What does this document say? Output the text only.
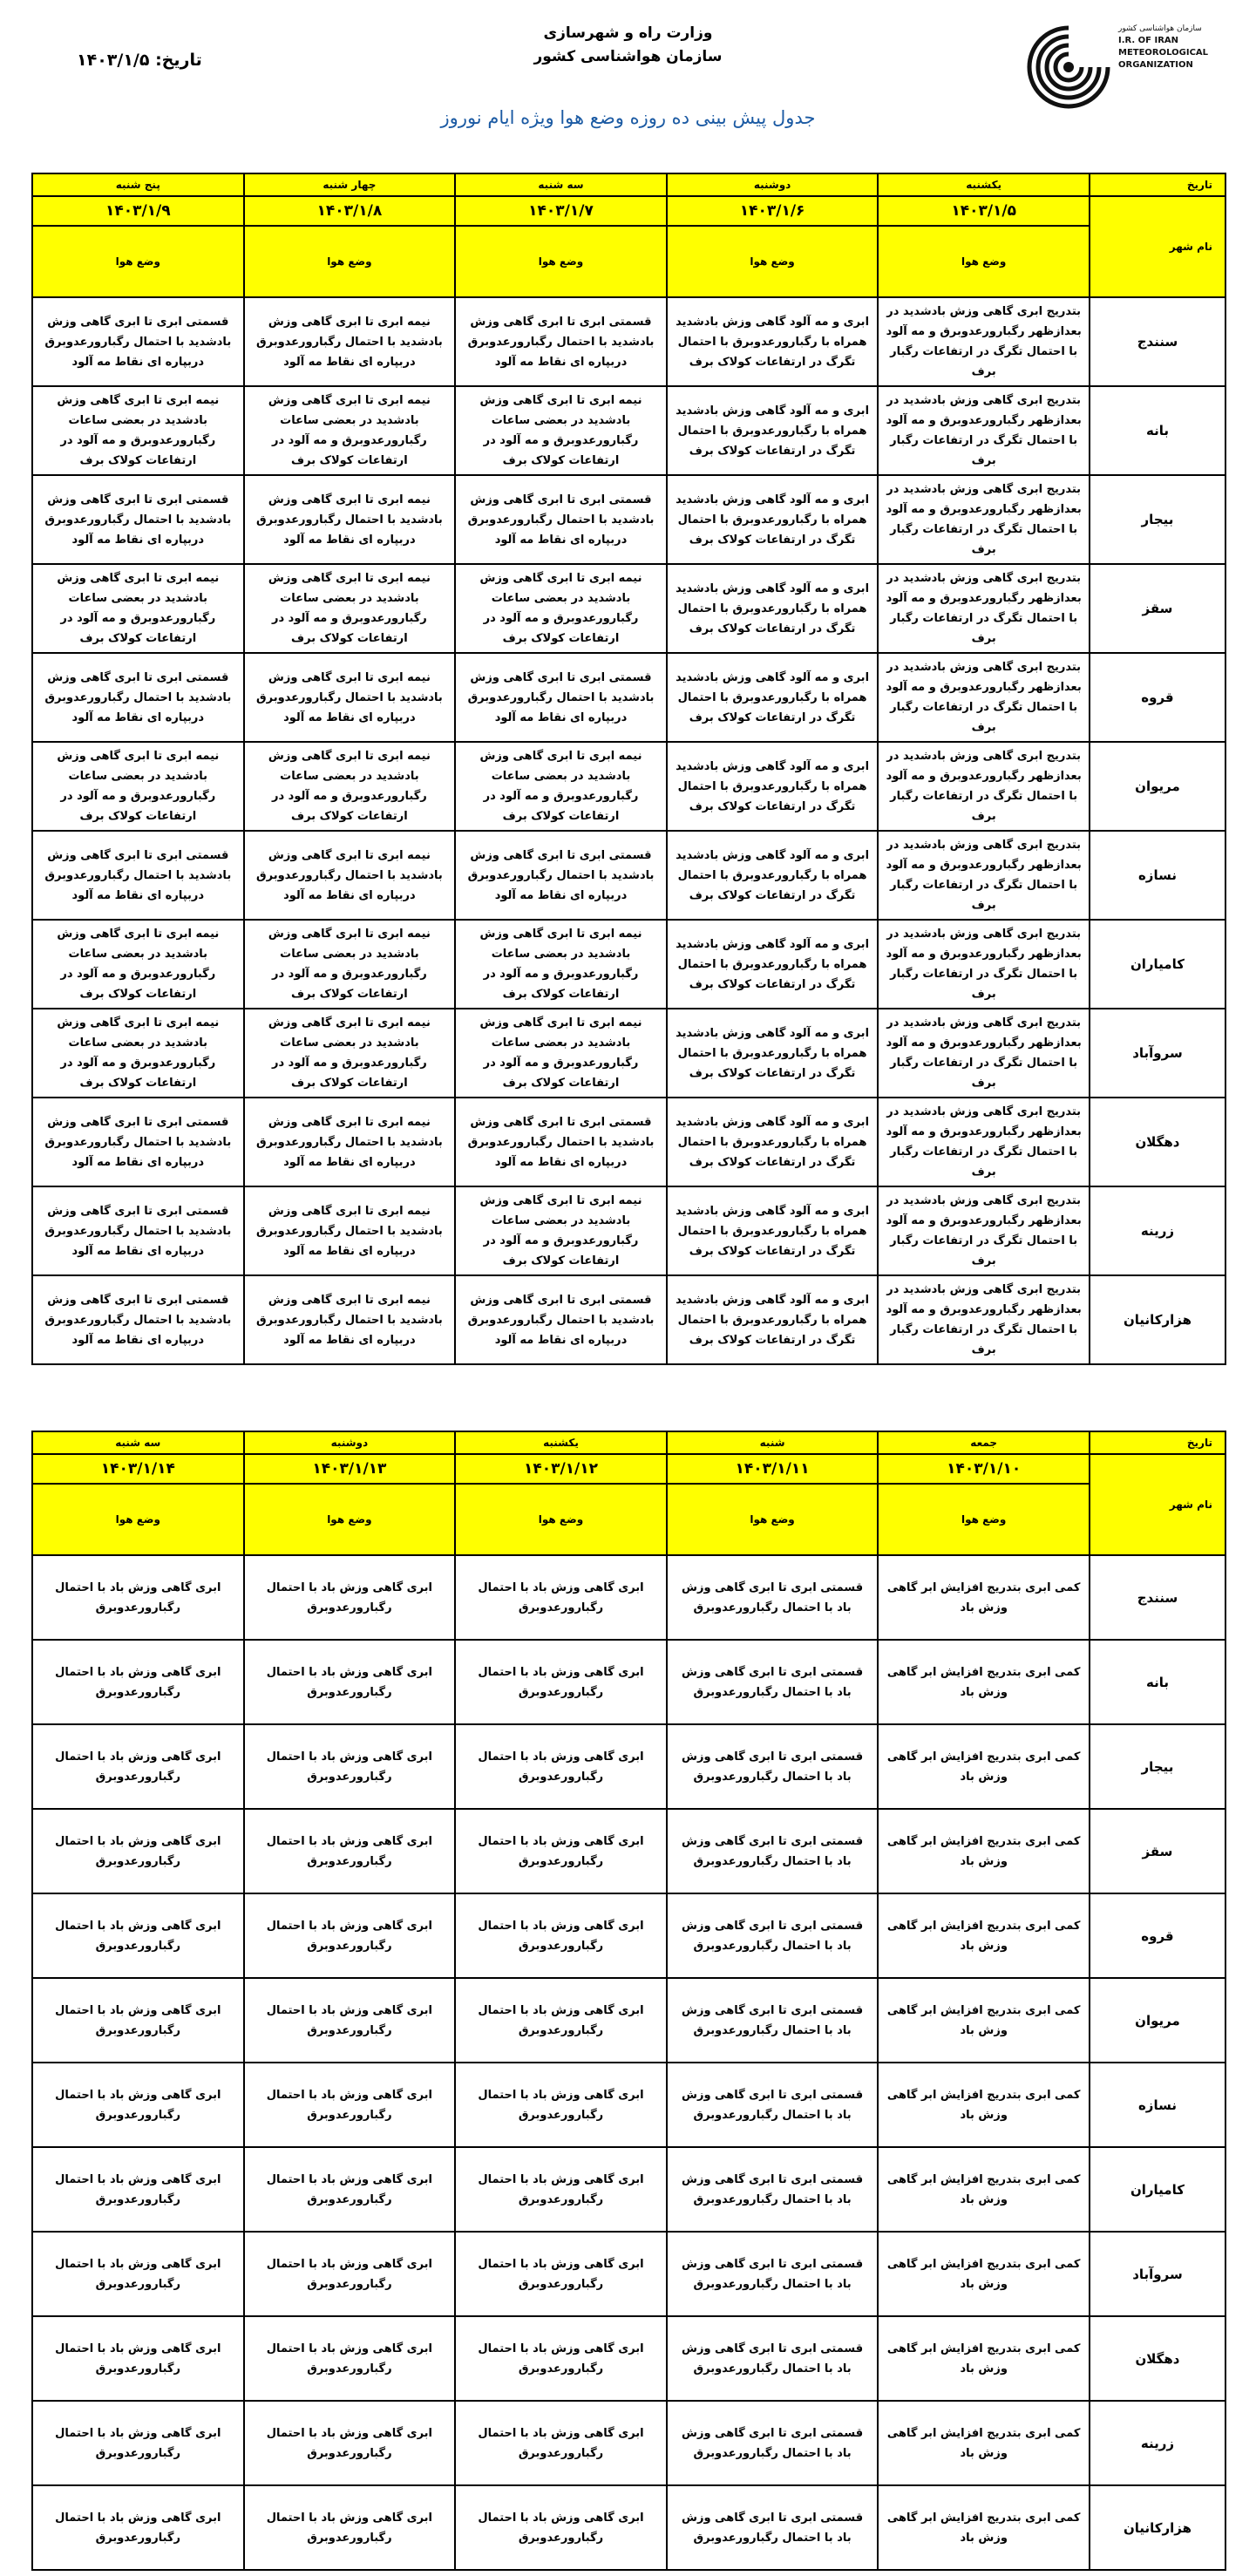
وزارت راه و شهرسازی
سازمان هواشناسی کشور
تاریخ: ۱۴۰۳/۱/۵
جدول پیش بینی ده روزه وضع هوا ویژه ایام نوروز
سازمان هواشناسی کشور
I.R. OF IRAN METEOROLOGICAL ORGANIZATION
تاریخ	یکشنبه	دوشنبه	سه شنبه	چهار شنبه	پنج شنبه
نام شهر	۱۴۰۳/۱/۵	۱۴۰۳/۱/۶	۱۴۰۳/۱/۷	۱۴۰۳/۱/۸	۱۴۰۳/۱/۹
	وضع هوا	وضع هوا	وضع هوا	وضع هوا	وضع هوا
سنندج	بتدریج ابری گاهی وزش بادشدید در بعدازظهر رگبارورعدوبرق و مه آلود با احتمال تگرگ در ارتفاعات رگبار برف	ابری و مه آلود گاهی وزش بادشدید همراه با رگبارورعدوبرق با احتمال تگرگ در ارتفاعات کولاک برف	قسمتی ابری تا ابری گاهی وزش بادشدید با احتمال رگبارورعدوبرق دربپاره ای نقاط مه آلود	نیمه ابری تا ابری گاهی وزش بادشدید با احتمال رگبارورعدوبرق دربپاره ای نقاط مه آلود	قسمتی ابری تا ابری گاهی وزش بادشدید با احتمال رگبارورعدوبرق دربپاره ای نقاط مه آلود
بانه	بتدریج ابری گاهی وزش بادشدید در بعدازظهر رگبارورعدوبرق و مه آلود با احتمال تگرگ در ارتفاعات رگبار برف	ابری و مه آلود گاهی وزش بادشدید همراه با رگبارورعدوبرق با احتمال تگرگ در ارتفاعات کولاک برف	نیمه ابری تا ابری گاهی وزش بادشدید در بعضی ساعات رگبارورعدوبرق و مه آلود در ارتفاعات کولاک برف	نیمه ابری تا ابری گاهی وزش بادشدید در بعضی ساعات رگبارورعدوبرق و مه آلود در ارتفاعات کولاک برف	نیمه ابری تا ابری گاهی وزش بادشدید در بعضی ساعات رگبارورعدوبرق و مه آلود در ارتفاعات کولاک برف
بیجار	بتدریج ابری گاهی وزش بادشدید در بعدازظهر رگبارورعدوبرق و مه آلود با احتمال تگرگ در ارتفاعات رگبار برف	ابری و مه آلود گاهی وزش بادشدید همراه با رگبارورعدوبرق با احتمال تگرگ در ارتفاعات کولاک برف	قسمتی ابری تا ابری گاهی وزش بادشدید با احتمال رگبارورعدوبرق دربپاره ای نقاط مه آلود	نیمه ابری تا ابری گاهی وزش بادشدید با احتمال رگبارورعدوبرق دربپاره ای نقاط مه آلود	قسمتی ابری تا ابری گاهی وزش بادشدید با احتمال رگبارورعدوبرق دربپاره ای نقاط مه آلود
سقز	بتدریج ابری گاهی وزش بادشدید در بعدازظهر رگبارورعدوبرق و مه آلود با احتمال تگرگ در ارتفاعات رگبار برف	ابری و مه آلود گاهی وزش بادشدید همراه با رگبارورعدوبرق با احتمال تگرگ در ارتفاعات کولاک برف	نیمه ابری تا ابری گاهی وزش بادشدید در بعضی ساعات رگبارورعدوبرق و مه آلود در ارتفاعات کولاک برف	نیمه ابری تا ابری گاهی وزش بادشدید در بعضی ساعات رگبارورعدوبرق و مه آلود در ارتفاعات کولاک برف	نیمه ابری تا ابری گاهی وزش بادشدید در بعضی ساعات رگبارورعدوبرق و مه آلود در ارتفاعات کولاک برف
قروه	بتدریج ابری گاهی وزش بادشدید در بعدازظهر رگبارورعدوبرق و مه آلود با احتمال تگرگ در ارتفاعات رگبار برف	ابری و مه آلود گاهی وزش بادشدید همراه با رگبارورعدوبرق با احتمال تگرگ در ارتفاعات کولاک برف	قسمتی ابری تا ابری گاهی وزش بادشدید با احتمال رگبارورعدوبرق دربپاره ای نقاط مه آلود	نیمه ابری تا ابری گاهی وزش بادشدید با احتمال رگبارورعدوبرق دربپاره ای نقاط مه آلود	قسمتی ابری تا ابری گاهی وزش بادشدید با احتمال رگبارورعدوبرق دربپاره ای نقاط مه آلود
مریوان	بتدریج ابری گاهی وزش بادشدید در بعدازظهر رگبارورعدوبرق و مه آلود با احتمال تگرگ در ارتفاعات رگبار برف	ابری و مه آلود گاهی وزش بادشدید همراه با رگبارورعدوبرق با احتمال تگرگ در ارتفاعات کولاک برف	نیمه ابری تا ابری گاهی وزش بادشدید در بعضی ساعات رگبارورعدوبرق و مه آلود در ارتفاعات کولاک برف	نیمه ابری تا ابری گاهی وزش بادشدید در بعضی ساعات رگبارورعدوبرق و مه آلود در ارتفاعات کولاک برف	نیمه ابری تا ابری گاهی وزش بادشدید در بعضی ساعات رگبارورعدوبرق و مه آلود در ارتفاعات کولاک برف
نسازه	بتدریج ابری گاهی وزش بادشدید در بعدازظهر رگبارورعدوبرق و مه آلود با احتمال تگرگ در ارتفاعات رگبار برف	ابری و مه آلود گاهی وزش بادشدید همراه با رگبارورعدوبرق با احتمال تگرگ در ارتفاعات کولاک برف	قسمتی ابری تا ابری گاهی وزش بادشدید با احتمال رگبارورعدوبرق دربپاره ای نقاط مه آلود	نیمه ابری تا ابری گاهی وزش بادشدید با احتمال رگبارورعدوبرق دربپاره ای نقاط مه آلود	قسمتی ابری تا ابری گاهی وزش بادشدید با احتمال رگبارورعدوبرق دربپاره ای نقاط مه آلود
کامیاران	بتدریج ابری گاهی وزش بادشدید در بعدازظهر رگبارورعدوبرق و مه آلود با احتمال تگرگ در ارتفاعات رگبار برف	ابری و مه آلود گاهی وزش بادشدید همراه با رگبارورعدوبرق با احتمال تگرگ در ارتفاعات کولاک برف	نیمه ابری تا ابری گاهی وزش بادشدید در بعضی ساعات رگبارورعدوبرق و مه آلود در ارتفاعات کولاک برف	نیمه ابری تا ابری گاهی وزش بادشدید در بعضی ساعات رگبارورعدوبرق و مه آلود در ارتفاعات کولاک برف	نیمه ابری تا ابری گاهی وزش بادشدید در بعضی ساعات رگبارورعدوبرق و مه آلود در ارتفاعات کولاک برف
سروآباد	بتدریج ابری گاهی وزش بادشدید در بعدازظهر رگبارورعدوبرق و مه آلود با احتمال تگرگ در ارتفاعات رگبار برف	ابری و مه آلود گاهی وزش بادشدید همراه با رگبارورعدوبرق با احتمال تگرگ در ارتفاعات کولاک برف	نیمه ابری تا ابری گاهی وزش بادشدید در بعضی ساعات رگبارورعدوبرق و مه آلود در ارتفاعات کولاک برف	نیمه ابری تا ابری گاهی وزش بادشدید در بعضی ساعات رگبارورعدوبرق و مه آلود در ارتفاعات کولاک برف	نیمه ابری تا ابری گاهی وزش بادشدید در بعضی ساعات رگبارورعدوبرق و مه آلود در ارتفاعات کولاک برف
دهگلان	بتدریج ابری گاهی وزش بادشدید در بعدازظهر رگبارورعدوبرق و مه آلود با احتمال تگرگ در ارتفاعات رگبار برف	ابری و مه آلود گاهی وزش بادشدید همراه با رگبارورعدوبرق با احتمال تگرگ در ارتفاعات کولاک برف	قسمتی ابری تا ابری گاهی وزش بادشدید با احتمال رگبارورعدوبرق دربپاره ای نقاط مه آلود	نیمه ابری تا ابری گاهی وزش بادشدید با احتمال رگبارورعدوبرق دربپاره ای نقاط مه آلود	قسمتی ابری تا ابری گاهی وزش بادشدید با احتمال رگبارورعدوبرق دربپاره ای نقاط مه آلود
زرینه	بتدریج ابری گاهی وزش بادشدید در بعدازظهر رگبارورعدوبرق و مه آلود با احتمال تگرگ در ارتفاعات رگبار برف	ابری و مه آلود گاهی وزش بادشدید همراه با رگبارورعدوبرق با احتمال تگرگ در ارتفاعات کولاک برف	نیمه ابری تا ابری گاهی وزش بادشدید در بعضی ساعات رگبارورعدوبرق و مه آلود در ارتفاعات کولاک برف	نیمه ابری تا ابری گاهی وزش بادشدید با احتمال رگبارورعدوبرق دربپاره ای نقاط مه آلود	قسمتی ابری تا ابری گاهی وزش بادشدید با احتمال رگبارورعدوبرق دربپاره ای نقاط مه آلود
هزارکانیان	بتدریج ابری گاهی وزش بادشدید در بعدازظهر رگبارورعدوبرق و مه آلود با احتمال تگرگ در ارتفاعات رگبار برف	ابری و مه آلود گاهی وزش بادشدید همراه با رگبارورعدوبرق با احتمال تگرگ در ارتفاعات کولاک برف	قسمتی ابری تا ابری گاهی وزش بادشدید با احتمال رگبارورعدوبرق دربپاره ای نقاط مه آلود	نیمه ابری تا ابری گاهی وزش بادشدید با احتمال رگبارورعدوبرق دربپاره ای نقاط مه آلود	قسمتی ابری تا ابری گاهی وزش بادشدید با احتمال رگبارورعدوبرق دربپاره ای نقاط مه آلود
تاریخ	جمعه	شنبه	یکشنبه	دوشنبه	سه شنبه
نام شهر	۱۴۰۳/۱/۱۰	۱۴۰۳/۱/۱۱	۱۴۰۳/۱/۱۲	۱۴۰۳/۱/۱۳	۱۴۰۳/۱/۱۴
	وضع هوا	وضع هوا	وضع هوا	وضع هوا	وضع هوا
سنندج	کمی ابری بتدریج افزایش ابر گاهی وزش باد	قسمتی ابری تا ابری گاهی وزش باد با احتمال رگبارورعدوبرق	ابری گاهی وزش باد با احتمال رگبارورعدوبرق	ابری گاهی وزش باد با احتمال رگبارورعدوبرق	ابری گاهی وزش باد با احتمال رگبارورعدوبرق
بانه	کمی ابری بتدریج افزایش ابر گاهی وزش باد	قسمتی ابری تا ابری گاهی وزش باد با احتمال رگبارورعدوبرق	ابری گاهی وزش باد با احتمال رگبارورعدوبرق	ابری گاهی وزش باد با احتمال رگبارورعدوبرق	ابری گاهی وزش باد با احتمال رگبارورعدوبرق
بیجار	کمی ابری بتدریج افزایش ابر گاهی وزش باد	قسمتی ابری تا ابری گاهی وزش باد با احتمال رگبارورعدوبرق	ابری گاهی وزش باد با احتمال رگبارورعدوبرق	ابری گاهی وزش باد با احتمال رگبارورعدوبرق	ابری گاهی وزش باد با احتمال رگبارورعدوبرق
سقز	کمی ابری بتدریج افزایش ابر گاهی وزش باد	قسمتی ابری تا ابری گاهی وزش باد با احتمال رگبارورعدوبرق	ابری گاهی وزش باد با احتمال رگبارورعدوبرق	ابری گاهی وزش باد با احتمال رگبارورعدوبرق	ابری گاهی وزش باد با احتمال رگبارورعدوبرق
قروه	کمی ابری بتدریج افزایش ابر گاهی وزش باد	قسمتی ابری تا ابری گاهی وزش باد با احتمال رگبارورعدوبرق	ابری گاهی وزش باد با احتمال رگبارورعدوبرق	ابری گاهی وزش باد با احتمال رگبارورعدوبرق	ابری گاهی وزش باد با احتمال رگبارورعدوبرق
مریوان	کمی ابری بتدریج افزایش ابر گاهی وزش باد	قسمتی ابری تا ابری گاهی وزش باد با احتمال رگبارورعدوبرق	ابری گاهی وزش باد با احتمال رگبارورعدوبرق	ابری گاهی وزش باد با احتمال رگبارورعدوبرق	ابری گاهی وزش باد با احتمال رگبارورعدوبرق
نسازه	کمی ابری بتدریج افزایش ابر گاهی وزش باد	قسمتی ابری تا ابری گاهی وزش باد با احتمال رگبارورعدوبرق	ابری گاهی وزش باد با احتمال رگبارورعدوبرق	ابری گاهی وزش باد با احتمال رگبارورعدوبرق	ابری گاهی وزش باد با احتمال رگبارورعدوبرق
کامیاران	کمی ابری بتدریج افزایش ابر گاهی وزش باد	قسمتی ابری تا ابری گاهی وزش باد با احتمال رگبارورعدوبرق	ابری گاهی وزش باد با احتمال رگبارورعدوبرق	ابری گاهی وزش باد با احتمال رگبارورعدوبرق	ابری گاهی وزش باد با احتمال رگبارورعدوبرق
سروآباد	کمی ابری بتدریج افزایش ابر گاهی وزش باد	قسمتی ابری تا ابری گاهی وزش باد با احتمال رگبارورعدوبرق	ابری گاهی وزش باد با احتمال رگبارورعدوبرق	ابری گاهی وزش باد با احتمال رگبارورعدوبرق	ابری گاهی وزش باد با احتمال رگبارورعدوبرق
دهگلان	کمی ابری بتدریج افزایش ابر گاهی وزش باد	قسمتی ابری تا ابری گاهی وزش باد با احتمال رگبارورعدوبرق	ابری گاهی وزش باد با احتمال رگبارورعدوبرق	ابری گاهی وزش باد با احتمال رگبارورعدوبرق	ابری گاهی وزش باد با احتمال رگبارورعدوبرق
زرینه	کمی ابری بتدریج افزایش ابر گاهی وزش باد	قسمتی ابری تا ابری گاهی وزش باد با احتمال رگبارورعدوبرق	ابری گاهی وزش باد با احتمال رگبارورعدوبرق	ابری گاهی وزش باد با احتمال رگبارورعدوبرق	ابری گاهی وزش باد با احتمال رگبارورعدوبرق
هزارکانیان	کمی ابری بتدریج افزایش ابر گاهی وزش باد	قسمتی ابری تا ابری گاهی وزش باد با احتمال رگبارورعدوبرق	ابری گاهی وزش باد با احتمال رگبارورعدوبرق	ابری گاهی وزش باد با احتمال رگبارورعدوبرق	ابری گاهی وزش باد با احتمال رگبارورعدوبرق
